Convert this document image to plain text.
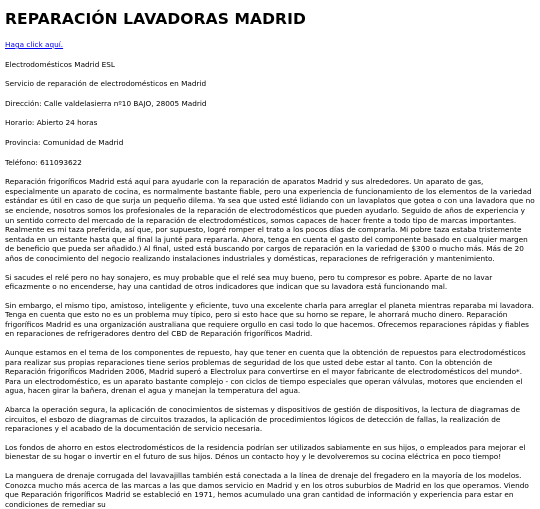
REPARACIÓN LAVADORAS MADRID

Haga click aquí.

Electrodomésticos Madrid ESL

Servicio de reparación de electrodomésticos en Madrid

Dirección: Calle valdelasierra nº10 BAJO, 28005 Madrid

Horario: Abierto 24 horas

Provincia: Comunidad de Madrid

Teléfono: 611093622

Reparación frigoríficos Madrid está aquí para ayudarle con la reparación de aparatos Madrid y sus alrededores. Un aparato de gas, especialmente un aparato de cocina, es normalmente bastante fiable, pero una experiencia de funcionamiento de los elementos de la variedad estándar es útil en caso de que surja un pequeño dilema. Ya sea que usted esté lidiando con un lavaplatos que gotea o con una lavadora que no se enciende, nosotros somos los profesionales de la reparación de electrodomésticos que pueden ayudarlo. Seguido de años de experiencia y un sentido correcto del mercado de la reparación de electrodomésticos, somos capaces de hacer frente a todo tipo de marcas importantes. Realmente es mi taza preferida, así que, por supuesto, logré romper el trato a los pocos días de comprarla. Mi pobre taza estaba tristemente sentada en un estante hasta que al final la junté para repararla. Ahora, tenga en cuenta el gasto del componente basado en cualquier margen de beneficio que pueda ser añadido.) Al final, usted está buscando por cargos de reparación en la variedad de $300 o mucho más. Más de 20 años de conocimiento del negocio realizando instalaciones industriales y domésticas, reparaciones de refrigeración y mantenimiento.

Si sacudes el relé pero no hay sonajero, es muy probable que el relé sea muy bueno, pero tu compresor es pobre. Aparte de no lavar eficazmente o no encenderse, hay una cantidad de otros indicadores que indican que su lavadora está funcionando mal.

Sin embargo, el mismo tipo, amistoso, inteligente y eficiente, tuvo una excelente charla para arreglar el planeta mientras reparaba mi lavadora. Tenga en cuenta que esto no es un problema muy típico, pero si esto hace que su horno se repare, le ahorrará mucho dinero. Reparación frigoríficos Madrid es una organización australiana que requiere orgullo en casi todo lo que hacemos. Ofrecemos reparaciones rápidas y fiables en reparaciones de refrigeradores dentro del CBD de Reparación frigoríficos Madrid.

Aunque estamos en el tema de los componentes de repuesto, hay que tener en cuenta que la obtención de repuestos para electrodomésticos para realizar sus propias reparaciones tiene serios problemas de seguridad de los que usted debe estar al tanto. Con la obtención de Reparación frigoríficos Madriden 2006, Madrid superó a Electrolux para convertirse en el mayor fabricante de electrodomésticos del mundo*. Para un electrodoméstico, es un aparato bastante complejo - con ciclos de tiempo especiales que operan válvulas, motores que encienden el agua, hacen girar la bañera, drenan el agua y manejan la temperatura del agua.

Abarca la operación segura, la aplicación de conocimientos de sistemas y dispositivos de gestión de dispositivos, la lectura de diagramas de circuitos, el esbozo de diagramas de circuitos trazados, la aplicación de procedimientos lógicos de detección de fallas, la realización de reparaciones y el acabado de la documentación de servicio necesaria.

Los fondos de ahorro en estos electrodomésticos de la residencia podrían ser utilizados sabiamente en sus hijos, o empleados para mejorar el bienestar de su hogar o invertir en el futuro de sus hijos. Dénos un contacto hoy y le devolveremos su cocina eléctrica en poco tiempo!

La manguera de drenaje corrugada del lavavajillas también está conectada a la línea de drenaje del fregadero en la mayoría de los modelos. Conozca mucho más acerca de las marcas a las que damos servicio en Madrid y en los otros suburbios de Madrid en los que operamos. Viendo que Reparación frigoríficos Madrid se estableció en 1971, hemos acumulado una gran cantidad de información y experiencia para estar en condiciones de remediar su
